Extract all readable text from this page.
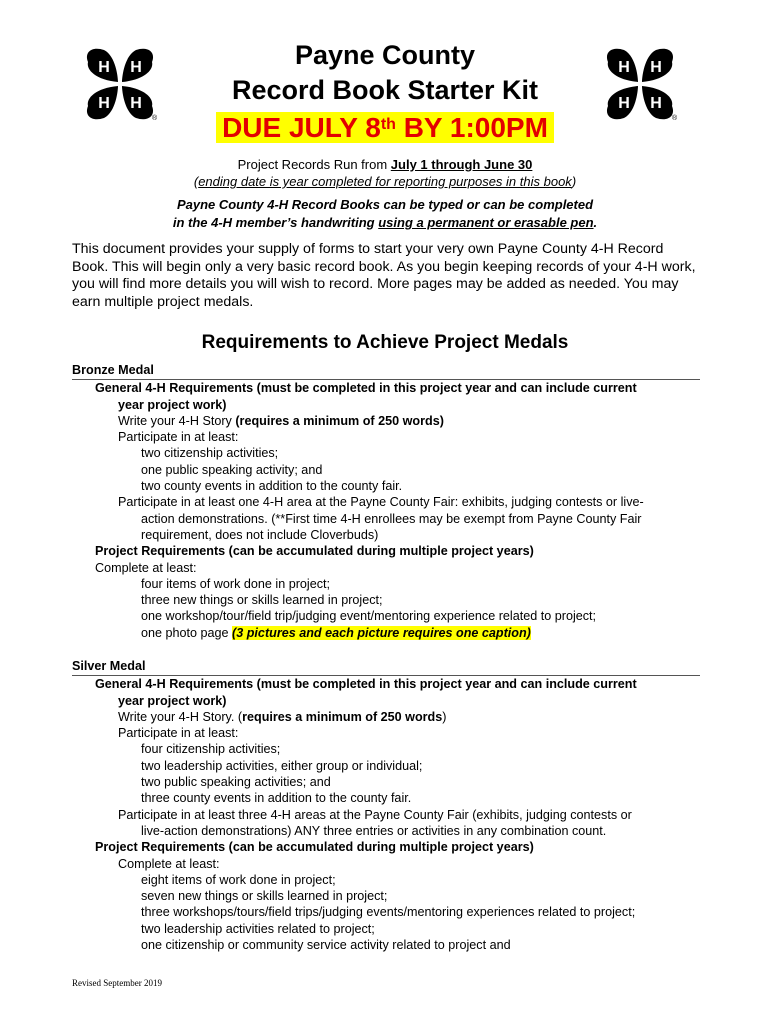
H H
H H
®
H H
H H
®
Payne County
Record Book Starter Kit
DUE JULY 8th BY 1:00PM
Project Records Run from July 1 through June 30
(ending date is year completed for reporting purposes in this book)
Payne County 4-H Record Books can be typed or can be completed
in the 4-H member’s handwriting using a permanent or erasable pen.
This document provides your supply of forms to start your very own Payne County 4-H Record Book. This will begin only a very basic record book. As you begin keeping records of your 4-H work, you will find more details you will wish to record. More pages may be added as needed. You may earn multiple project medals.
Requirements to Achieve Project Medals
Bronze Medal
General 4-H Requirements (must be completed in this project year and can include current
year project work)
Write your 4-H Story (requires a minimum of 250 words)
Participate in at least:
two citizenship activities;
one public speaking activity; and
two county events in addition to the county fair.
Participate in at least one 4-H area at the Payne County Fair: exhibits, judging contests or live-
action demonstrations. (**First time 4-H enrollees may be exempt from Payne County Fair
requirement, does not include Cloverbuds)
Project Requirements (can be accumulated during multiple project years)
Complete at least:
four items of work done in project;
three new things or skills learned in project;
one workshop/tour/field trip/judging event/mentoring experience related to project;
one photo page (3 pictures and each picture requires one caption)
Silver Medal
General 4-H Requirements (must be completed in this project year and can include current
year project work)
Write your 4-H Story. (requires a minimum of 250 words)
Participate in at least:
four citizenship activities;
two leadership activities, either group or individual;
two public speaking activities; and
three county events in addition to the county fair.
Participate in at least three 4-H areas at the Payne County Fair (exhibits, judging contests or
live-action demonstrations) ANY three entries or activities in any combination count.
Project Requirements (can be accumulated during multiple project years)
Complete at least:
eight items of work done in project;
seven new things or skills learned in project;
three workshops/tours/field trips/judging events/mentoring experiences related to project;
two leadership activities related to project;
one citizenship or community service activity related to project and
Revised September 2019
